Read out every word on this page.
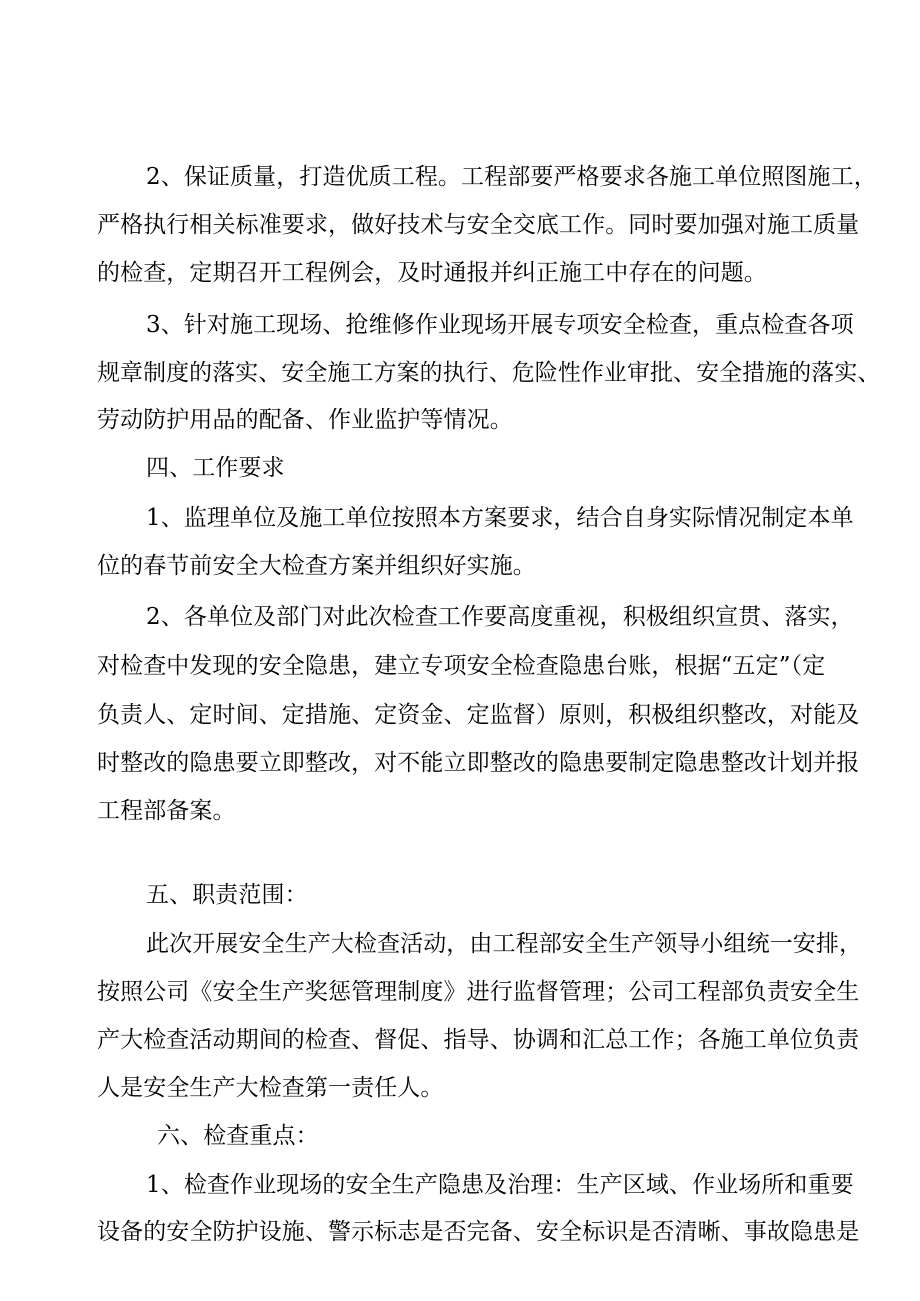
2、保证质量，打造优质工程。工程部要严格要求各施工单位照图施工，
严格执行相关标准要求，做好技术与安全交底工作。同时要加强对施工质量
的检查，定期召开工程例会，及时通报并纠正施工中存在的问题。
3、针对施工现场、抢维修作业现场开展专项安全检查，重点检查各项
规章制度的落实、安全施工方案的执行、危险性作业审批、安全措施的落实、
劳动防护用品的配备、作业监护等情况。
四、工作要求
1、监理单位及施工单位按照本方案要求，结合自身实际情况制定本单
位的春节前安全大检查方案并组织好实施。
2、各单位及部门对此次检查工作要高度重视，积极组织宣贯、落实，
对检查中发现的安全隐患，建立专项安全检查隐患台账，根据“五定”（定
负责人、定时间、定措施、定资金、定监督）原则，积极组织整改，对能及
时整改的隐患要立即整改，对不能立即整改的隐患要制定隐患整改计划并报
工程部备案。
五、职责范围：
此次开展安全生产大检查活动，由工程部安全生产领导小组统一安排，
按照公司《安全生产奖惩管理制度》进行监督管理；公司工程部负责安全生
产大检查活动期间的检查、督促、指导、协调和汇总工作；各施工单位负责
人是安全生产大检查第一责任人。
六、检查重点：
1、检查作业现场的安全生产隐患及治理：生产区域、作业场所和重要
设备的安全防护设施、警示标志是否完备、安全标识是否清晰、事故隐患是
